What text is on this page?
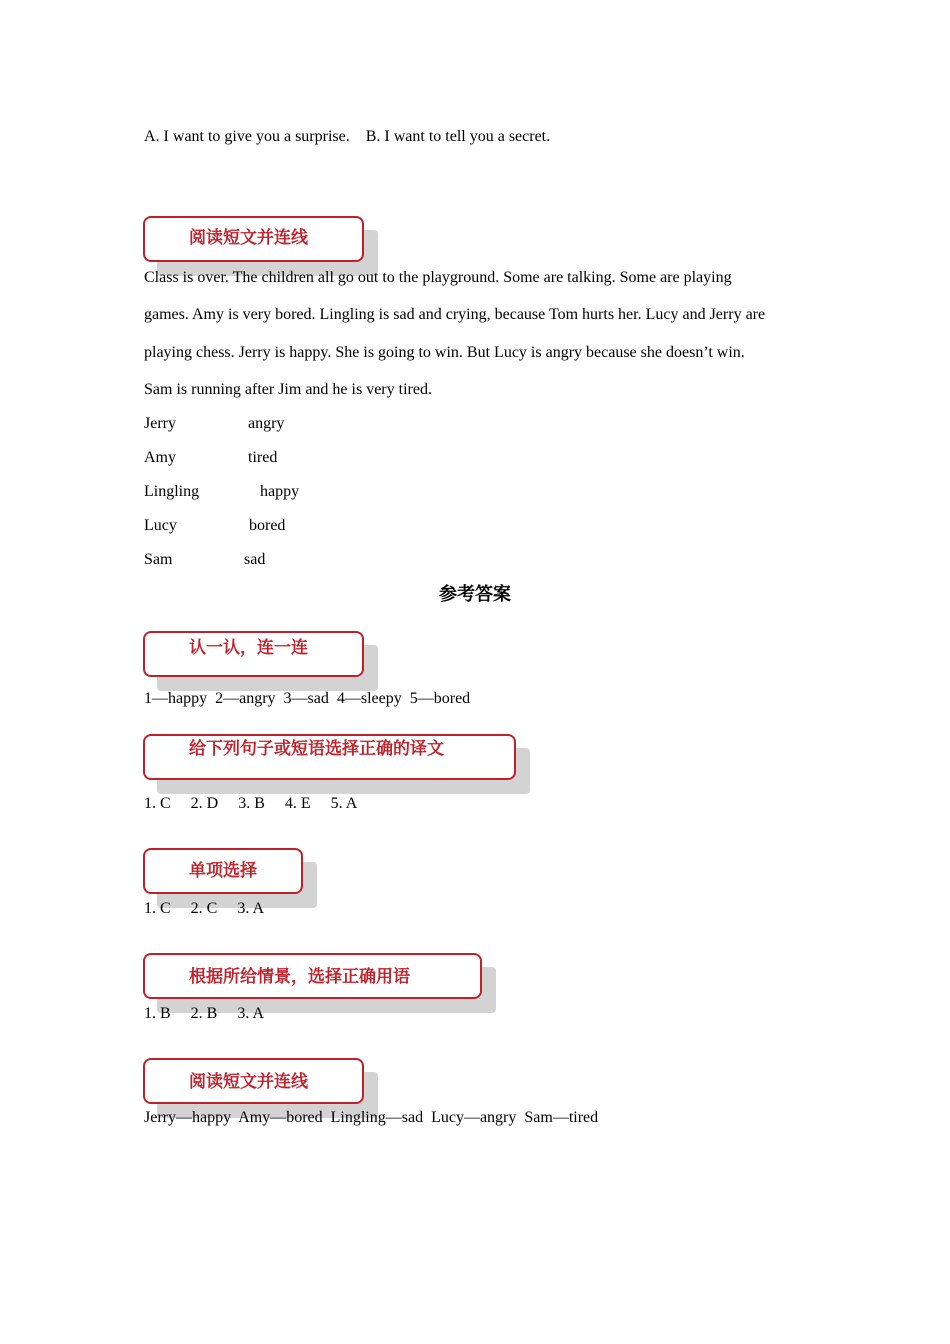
A. I want to give you a surprise.    B. I want to tell you a secret.
阅读短文并连线

Class is over. The children all go out to the playground. Some are talking. Some are playing

games. Amy is very bored. Lingling is sad and crying, because Tom hurts her. Lucy and Jerry are

playing chess. Jerry is happy. She is going to win. But Lucy is angry because she doesn’t win.

Sam is running after Jim and he is very tired.

Jerry	angry
Amy	tired
Lingling	happy
Lucy	bored
Sam	sad
参考答案
认一认，连一连
1—happy  2—angry  3—sad  4—sleepy  5—bored
给下列句子或短语选择正确的译文
1. C     2. D     3. B     4. E     5. A
单项选择
1. C     2. C     3. A
根据所给情景，选择正确用语
1. B     2. B     3. A
阅读短文并连线
Jerry—happy  Amy—bored  Lingling—sad  Lucy—angry  Sam—tired
